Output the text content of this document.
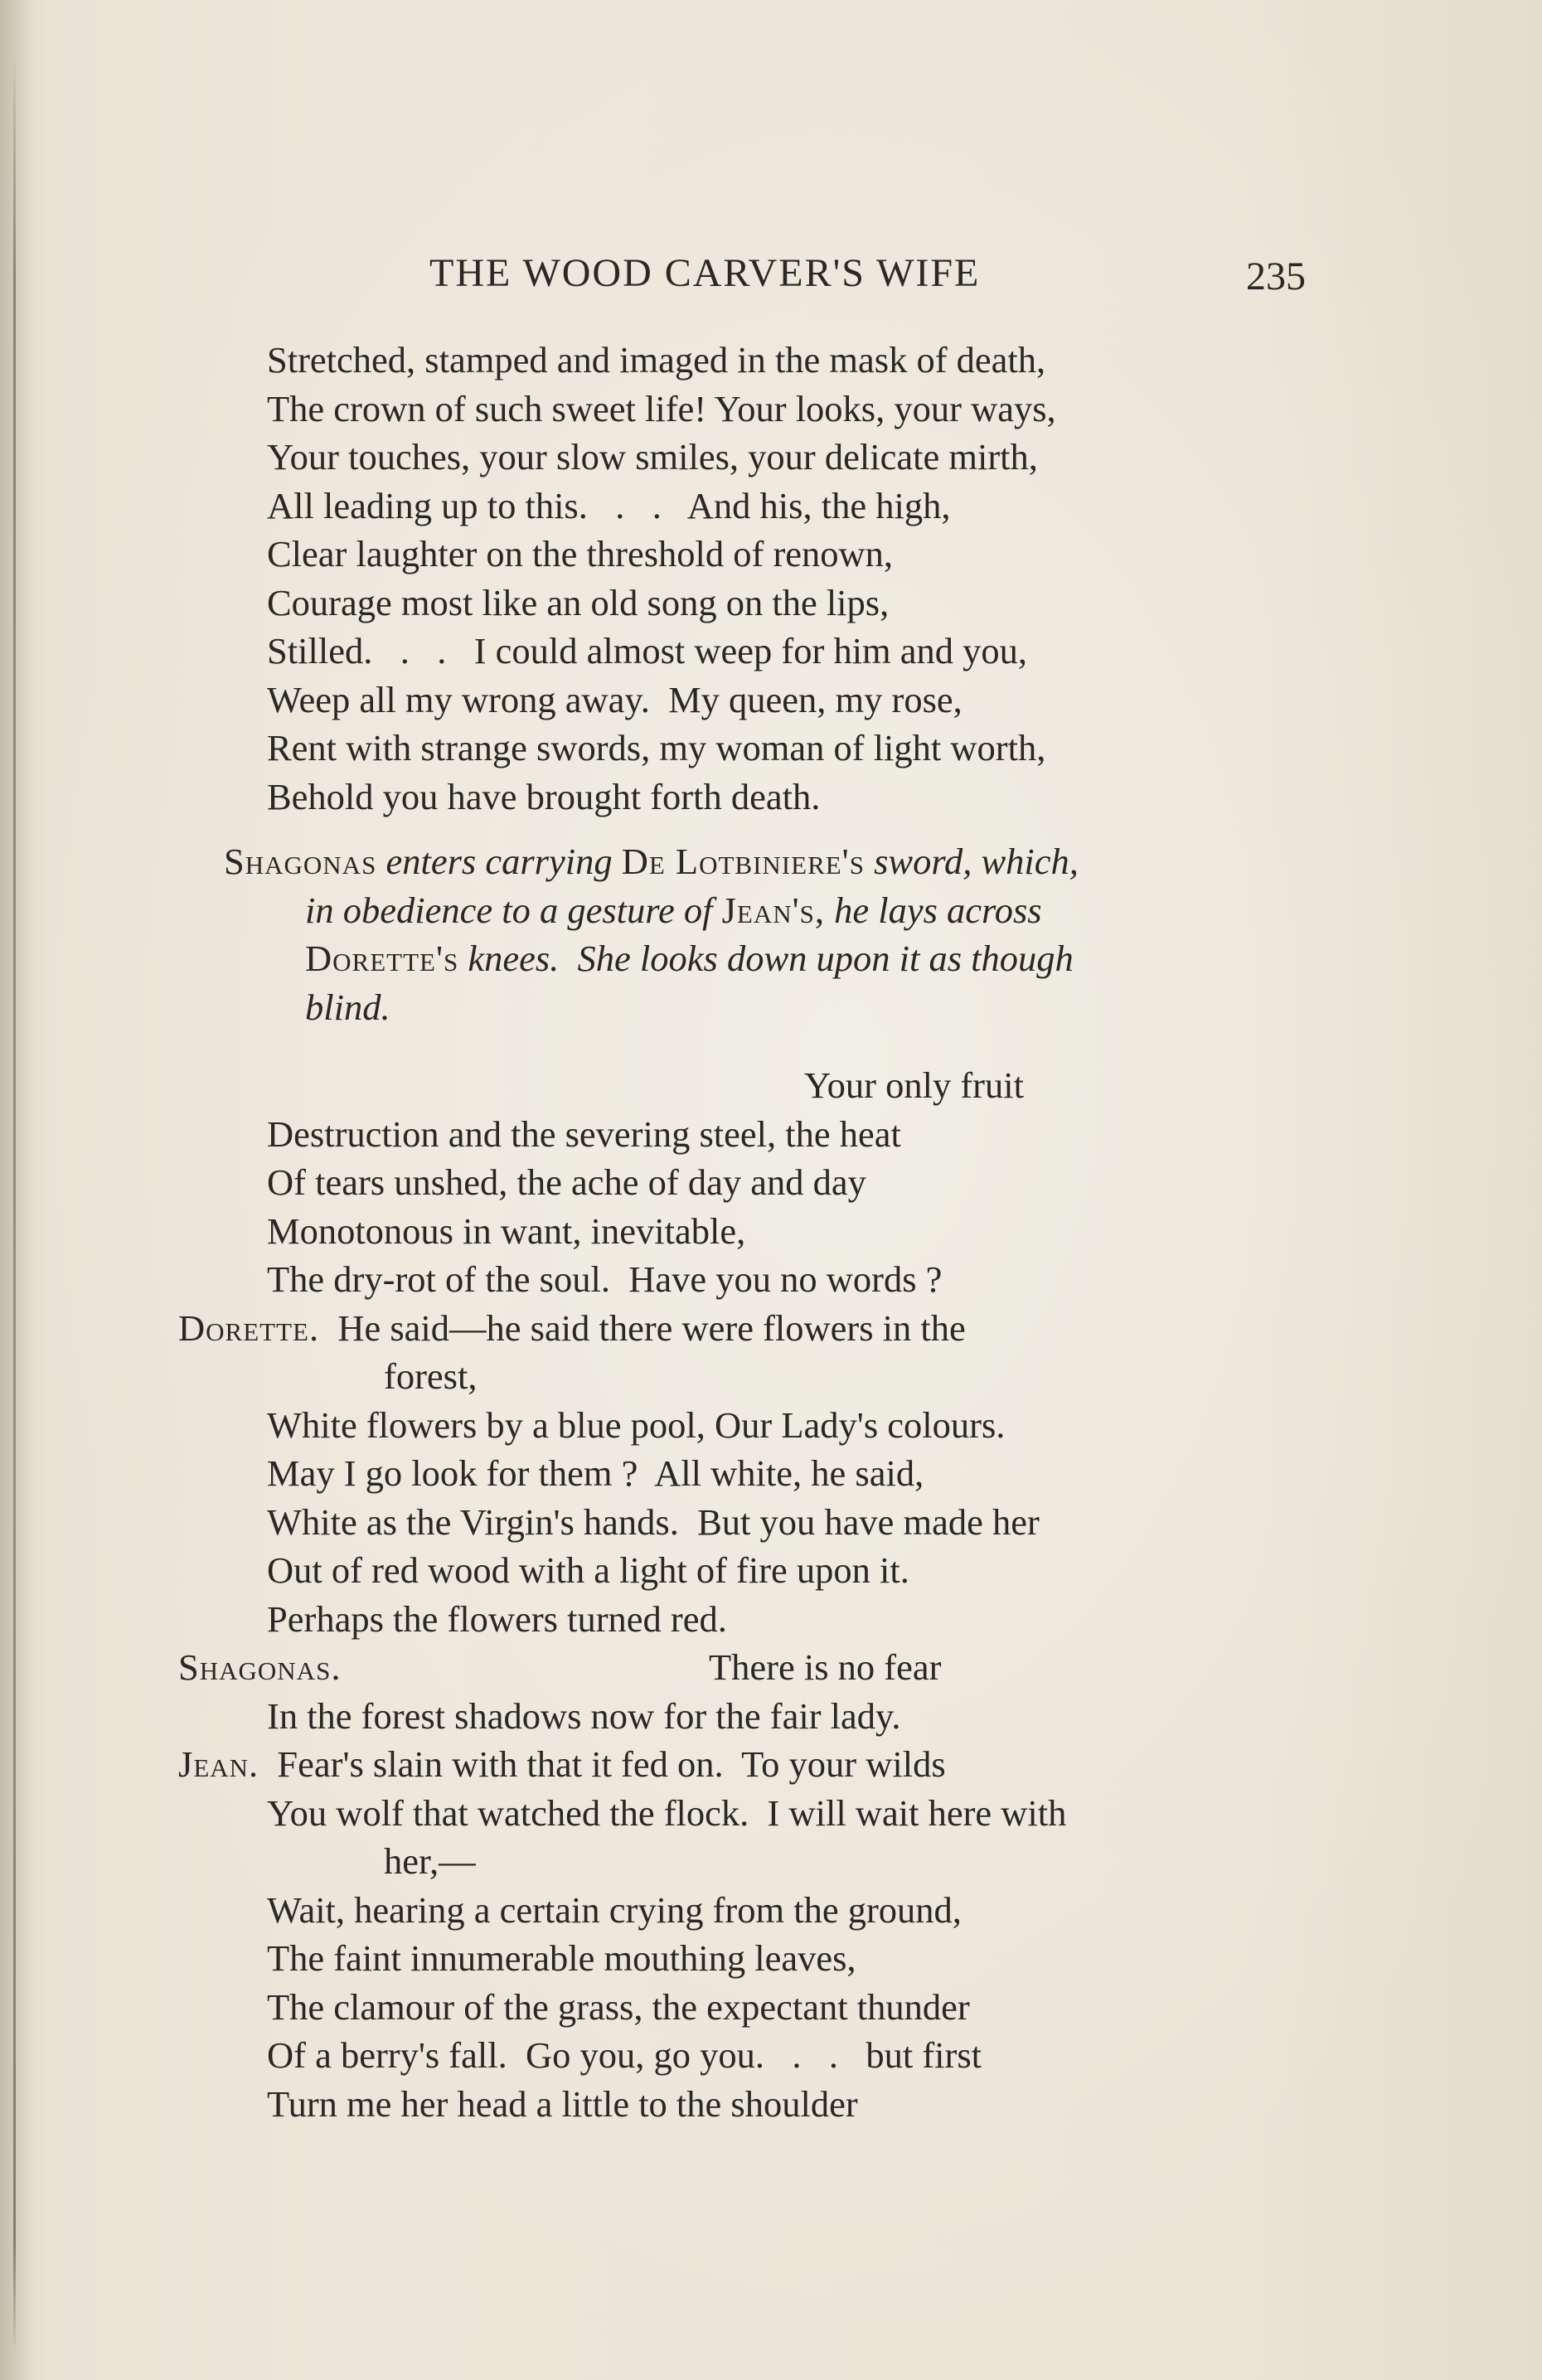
THE WOOD CARVER'S WIFE	235
Stretched, stamped and imaged in the mask of death,
The crown of such sweet life! Your looks, your ways,
Your touches, your slow smiles, your delicate mirth,
All leading up to this.   .   .   And his, the high,
Clear laughter on the threshold of renown,
Courage most like an old song on the lips,
Stilled.   .   .   I could almost weep for him and you,
Weep all my wrong away.  My queen, my rose,
Rent with strange swords, my woman of light worth,
Behold you have brought forth death.
Shagonas enters carrying De Lotbiniere's sword, which,
in obedience to a gesture of Jean's, he lays across
Dorette's knees.  She looks down upon it as though
blind.
Your only fruit
Destruction and the severing steel, the heat
Of tears unshed, the ache of day and day
Monotonous in want, inevitable,
The dry-rot of the soul.  Have you no words ?
Dorette. He said—he said there were flowers in the
forest,
White flowers by a blue pool, Our Lady's colours.
May I go look for them ?  All white, he said,
White as the Virgin's hands.  But you have made her
Out of red wood with a light of fire upon it.
Perhaps the flowers turned red.
Shagonas.	There is no fear
In the forest shadows now for the fair lady.
Jean. Fear's slain with that it fed on.  To your wilds
You wolf that watched the flock.  I will wait here with
her,—
Wait, hearing a certain crying from the ground,
The faint innumerable mouthing leaves,
The clamour of the grass, the expectant thunder
Of a berry's fall.  Go you, go you.   .   .   but first
Turn me her head a little to the shoulder
